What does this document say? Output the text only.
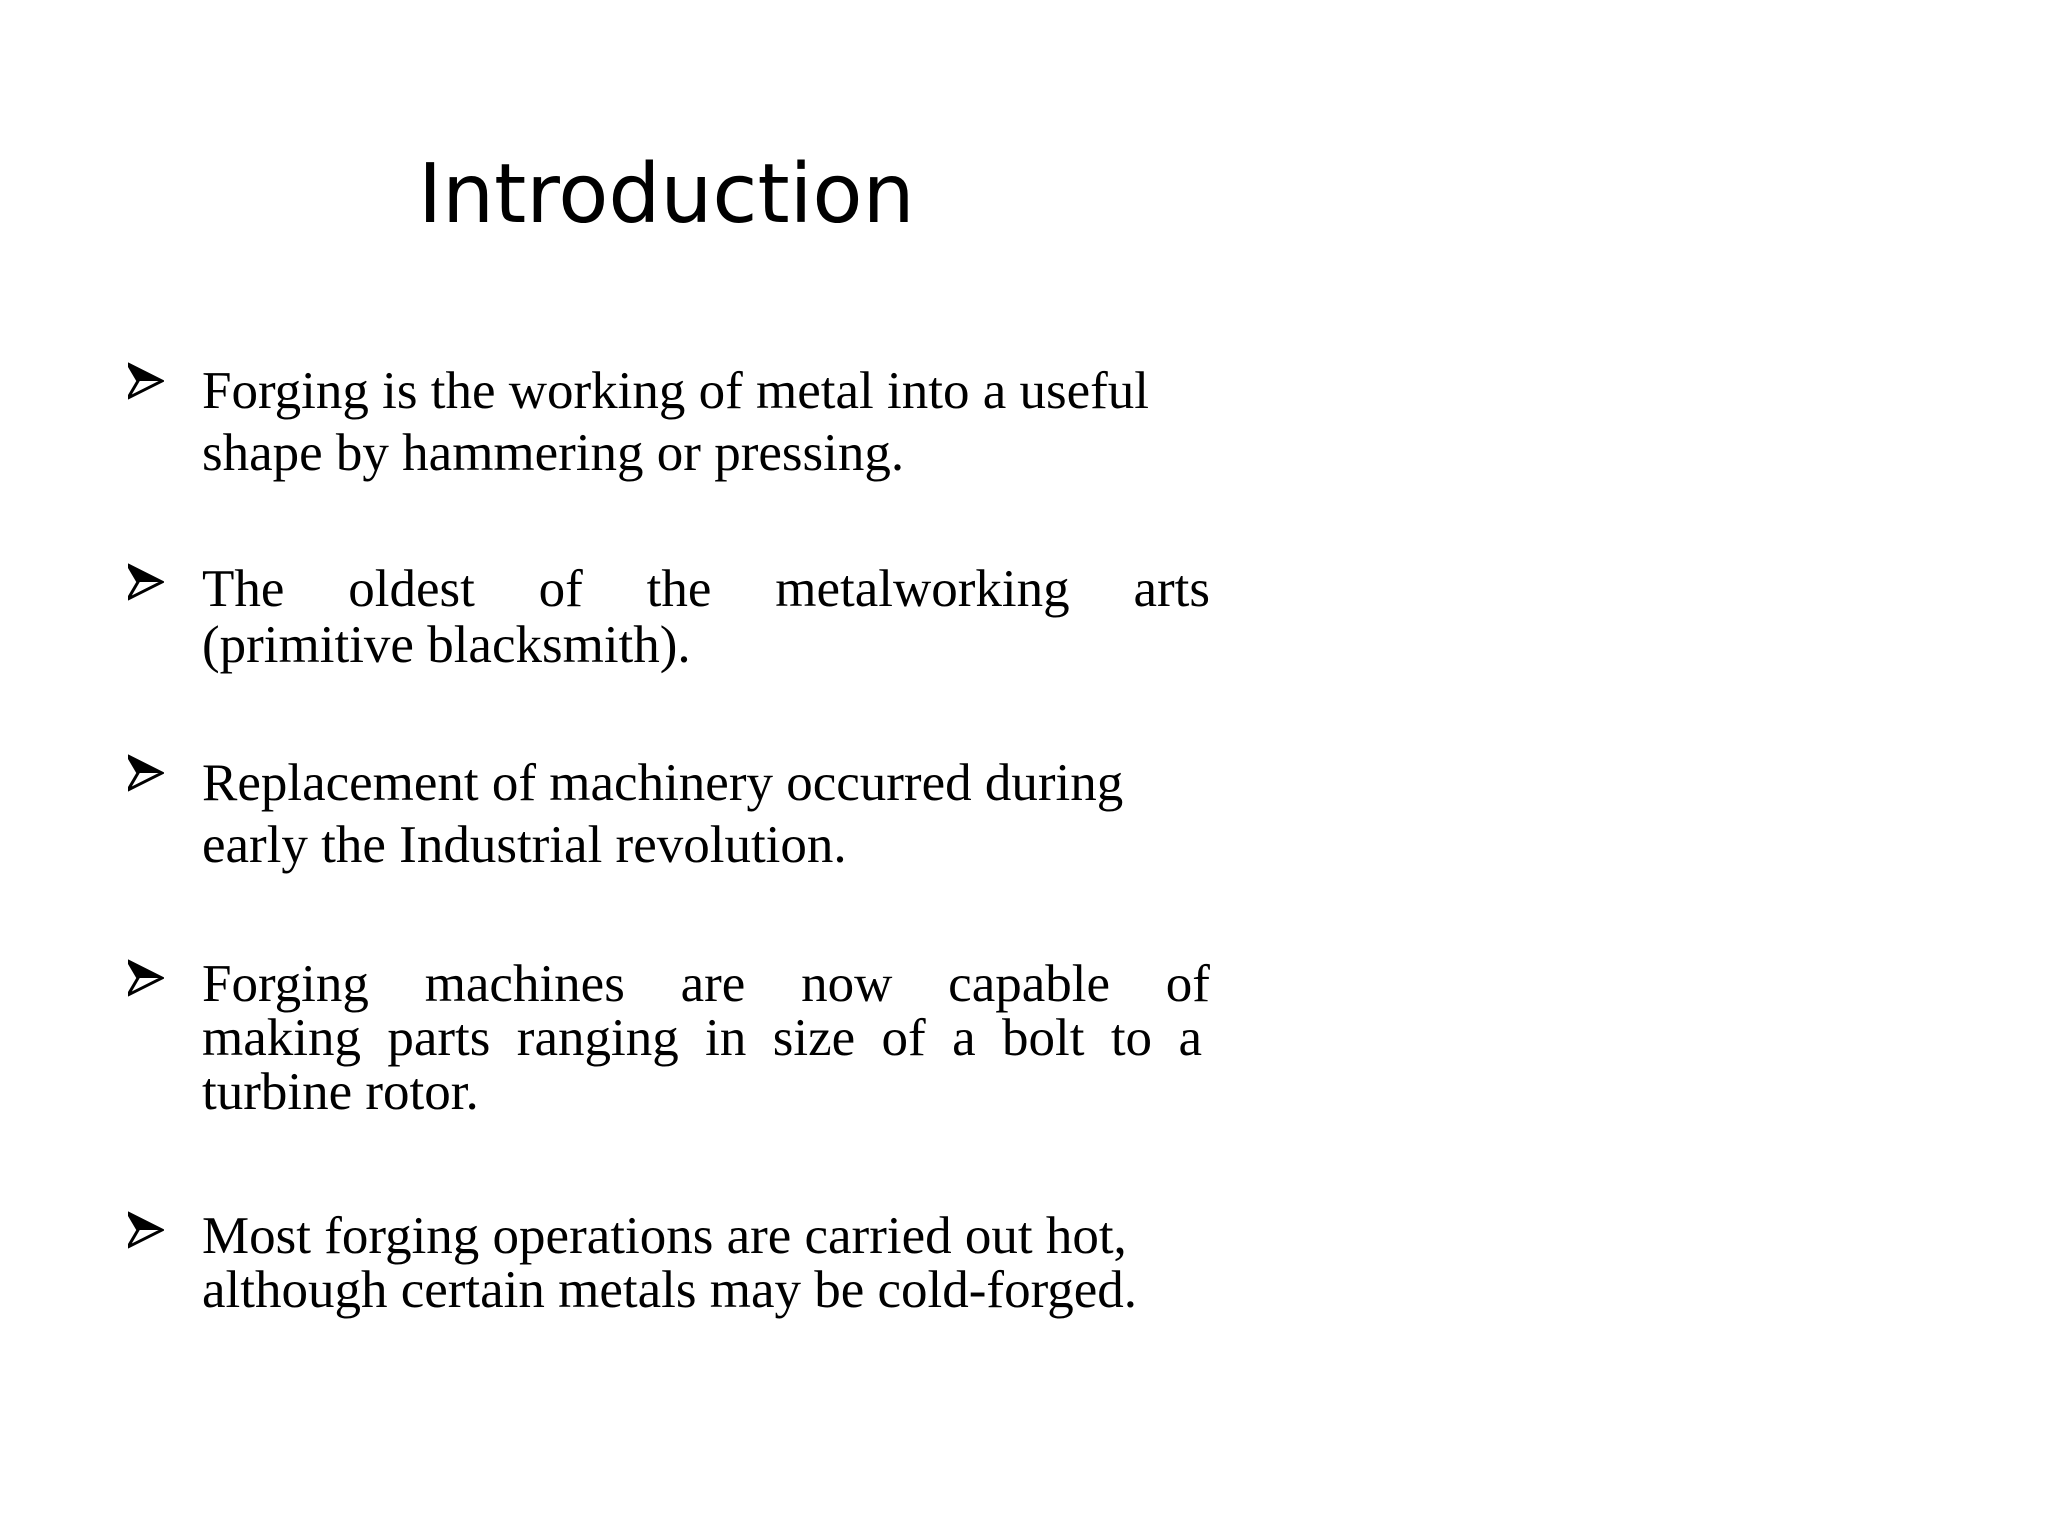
Introduction
Forging is the working of metal into a useful
shape by hammering or pressing.
The oldest of the metalworking arts
(primitive blacksmith).
Replacement of machinery occurred during
early the Industrial revolution.
Forging machines are now capable of
making parts ranging in size of a bolt to a
turbine rotor.
Most forging operations are carried out hot,
although certain metals may be cold-forged.
